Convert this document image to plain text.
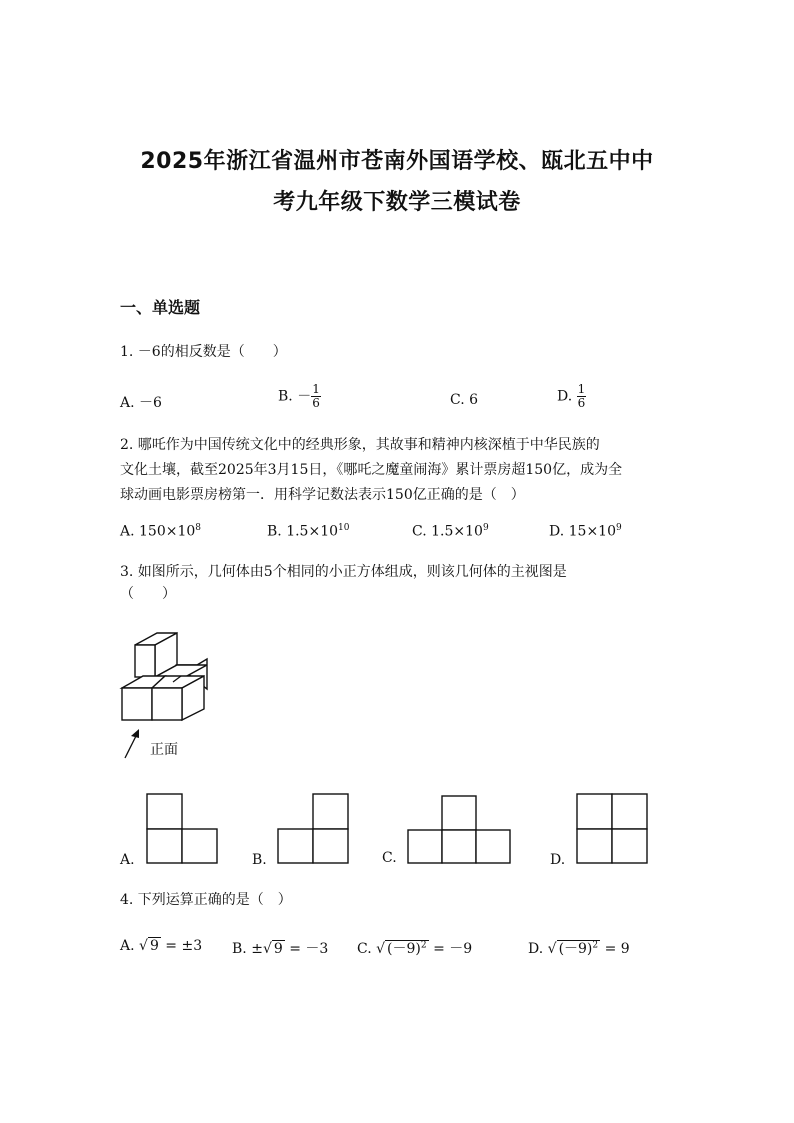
2025年浙江省温州市苍南外国语学校、瓯北五中中
考九年级下数学三模试卷
一、单选题
1. －6的相反数是（　　）
A. －6	B. － $\frac{1}{6}$	C. 6	D. $\frac{1}{6}$
2. 哪吒作为中国传统文化中的经典形象，其故事和精神内核深植于中华民族的
文化土壤，截至2025年3月15日，《哪吒之魔童闹海》累计票房超150亿，成为全
球动画电影票房榜第一．用科学记数法表示150亿正确的是（　）
A. $150\times 10^8$	B. $1.5\times 10^{10}$	C. $1.5\times 10^9$	D. $15\times 10^9$
3. 如图所示，几何体由5个相同的小正方体组成，则该几何体的主视图是
（　　）
正面
A.	B.	C.	D.
4. 下列运算正确的是（　）
A. √ 9 = ±3 B. ±√ 9 = －3 C. √ $(-9)^2 = -9$	D. √ $(-9)^2 = 9$
